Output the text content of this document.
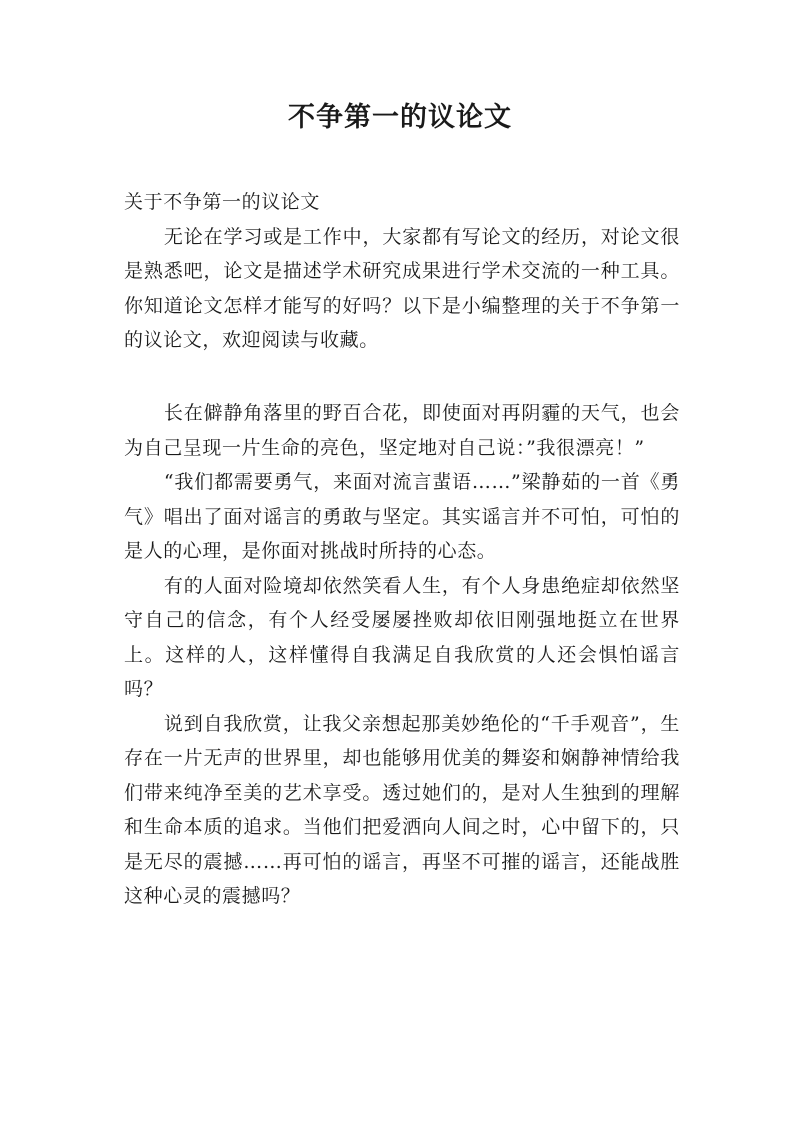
不争第一的议论文

关于不争第一的议论文

无论在学习或是工作中，大家都有写论文的经历，对论文很是熟悉吧，论文是描述学术研究成果进行学术交流的一种工具。你知道论文怎样才能写的好吗？以下是小编整理的关于不争第一的议论文，欢迎阅读与收藏。

长在僻静角落里的野百合花，即使面对再阴霾的天气，也会为自己呈现一片生命的亮色，坚定地对自己说：”我很漂亮！”

“我们都需要勇气，来面对流言蜚语……”梁静茹的一首《勇气》唱出了面对谣言的勇敢与坚定。其实谣言并不可怕，可怕的是人的心理，是你面对挑战时所持的心态。

有的人面对险境却依然笑看人生，有个人身患绝症却依然坚守自己的信念，有个人经受屡屡挫败却依旧刚强地挺立在世界上。这样的人，这样懂得自我满足自我欣赏的人还会惧怕谣言吗？

说到自我欣赏，让我父亲想起那美妙绝伦的“千手观音”，生存在一片无声的世界里，却也能够用优美的舞姿和娴静神情给我们带来纯净至美的艺术享受。透过她们的，是对人生独到的理解和生命本质的追求。当他们把爱洒向人间之时，心中留下的，只是无尽的震撼……再可怕的谣言，再坚不可摧的谣言，还能战胜这种心灵的震撼吗？
